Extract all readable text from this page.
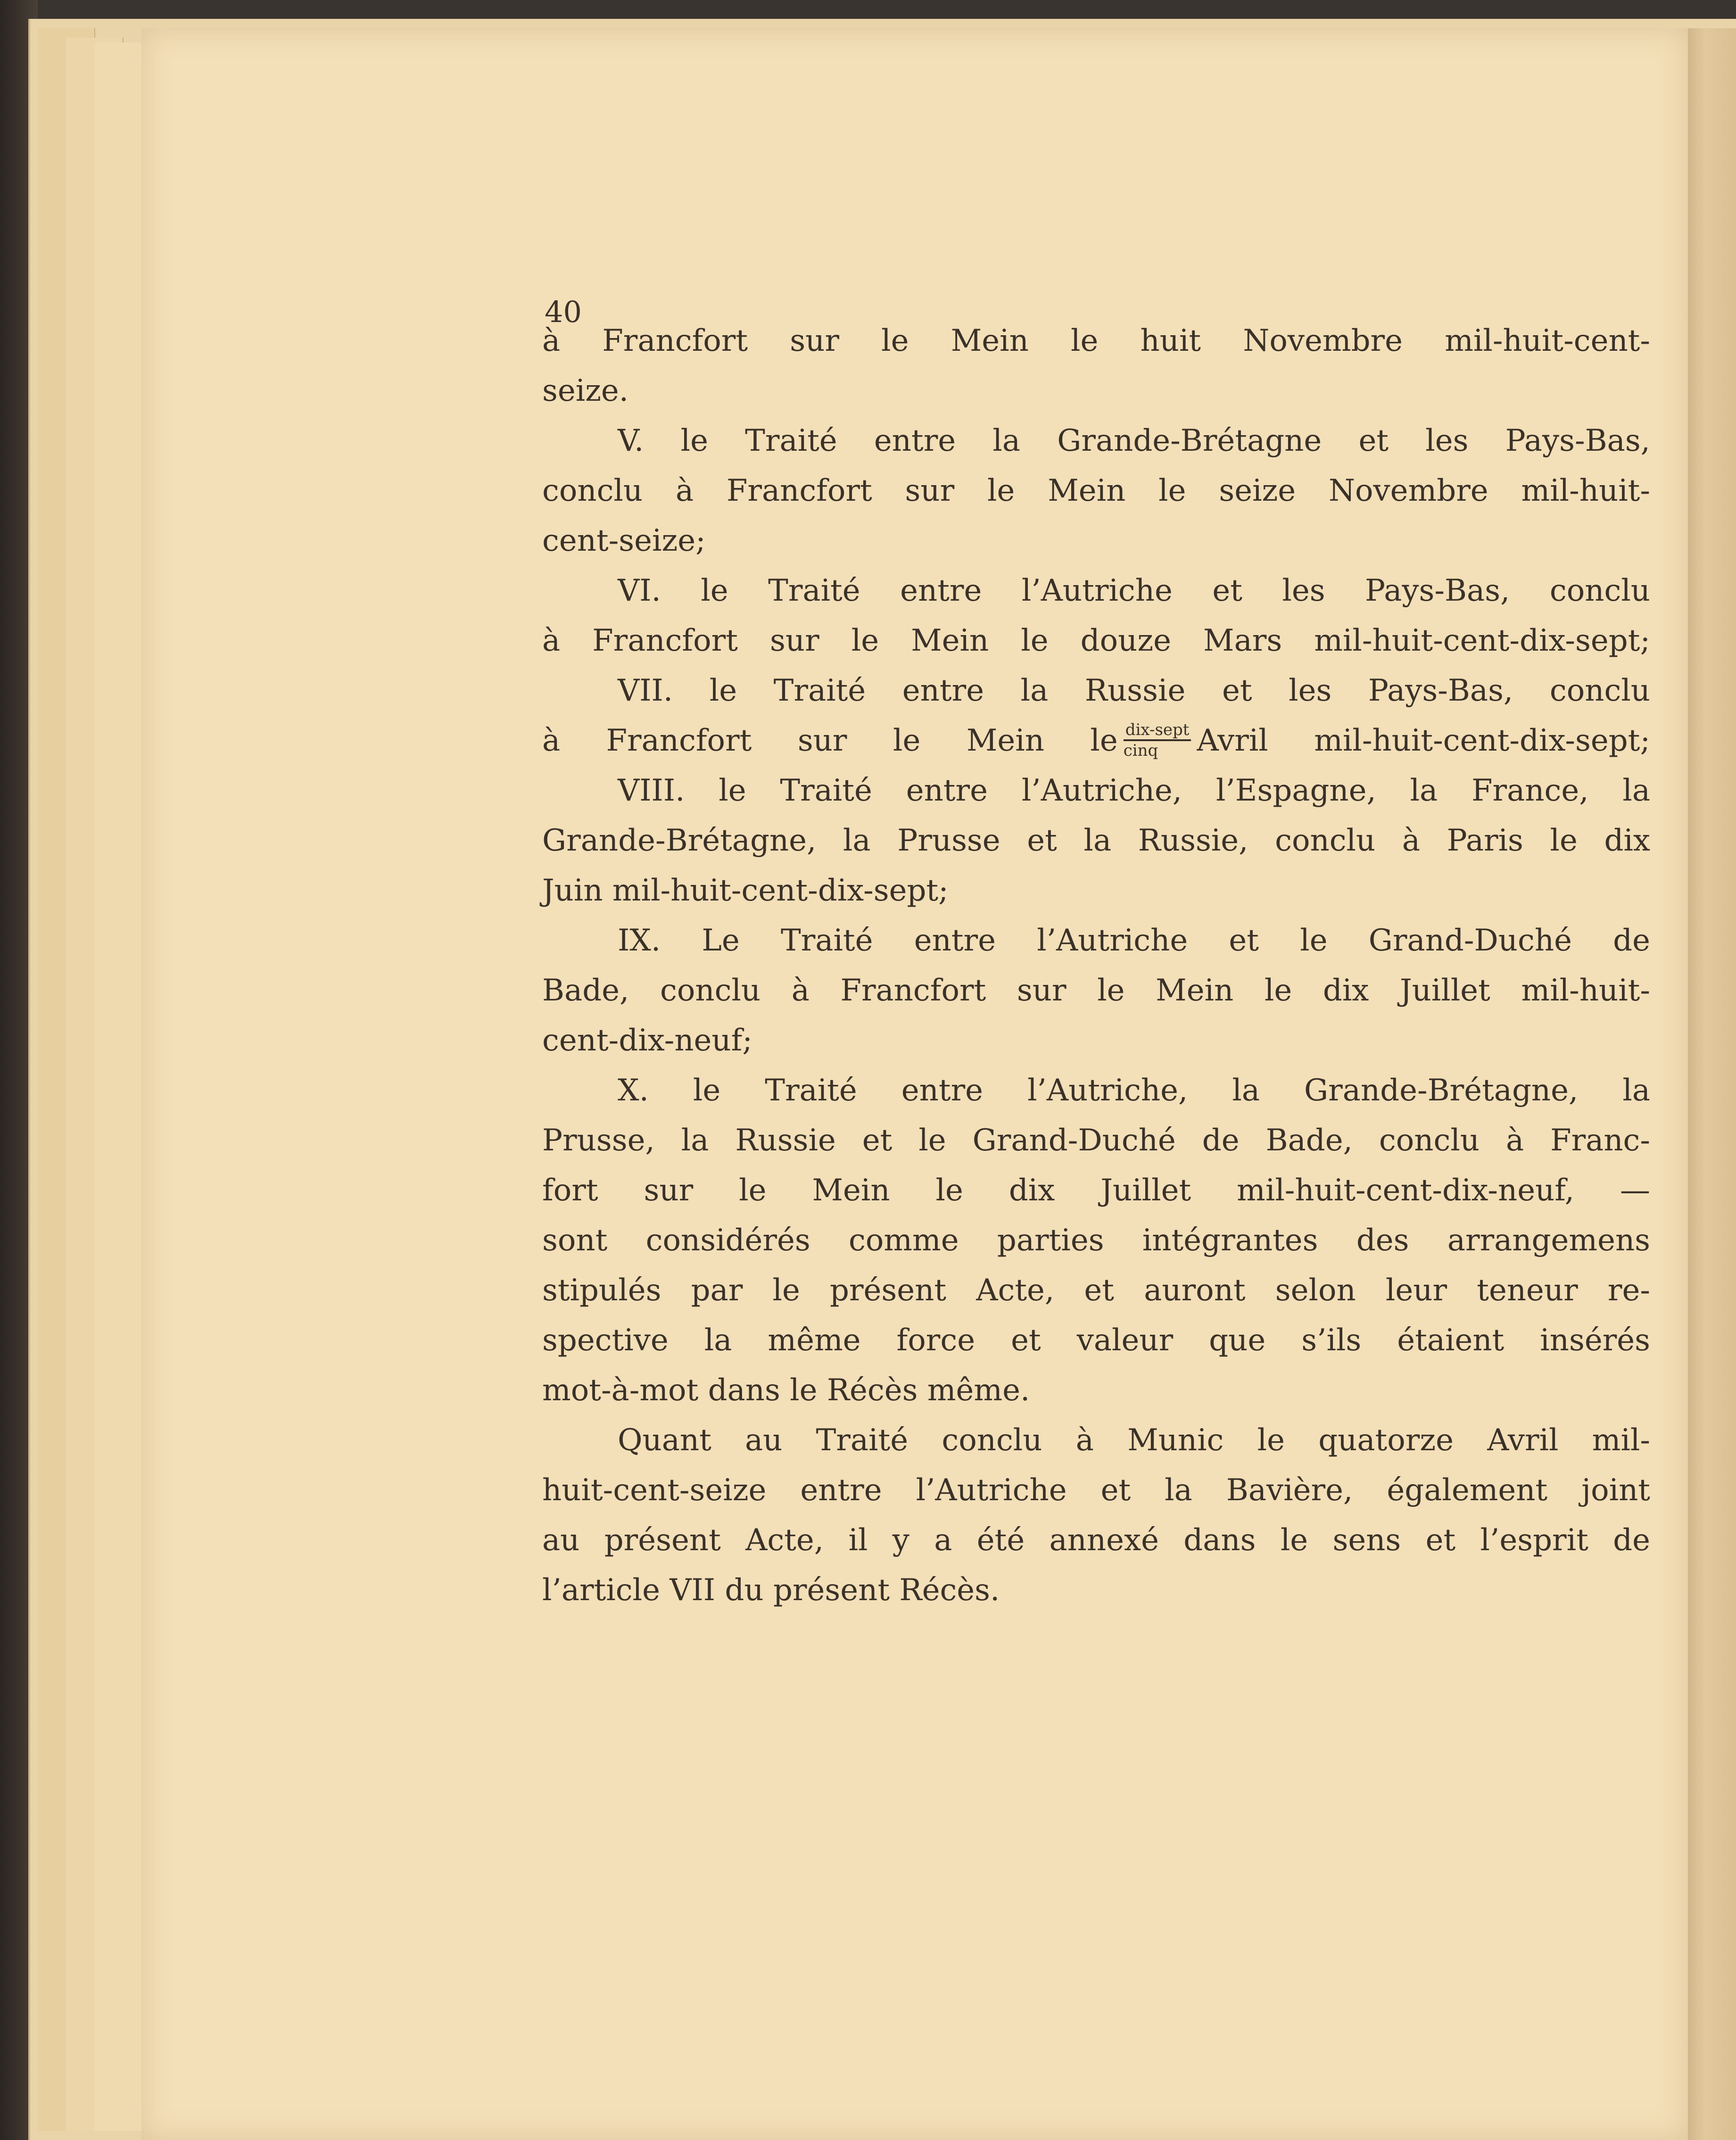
40
à Francfort sur le Mein le huit Novembre mil-huit-cent-
seize.
V. le Traité entre la Grande-Brétagne et les Pays-Bas,
conclu à Francfort sur le Mein le seize Novembre mil-huit-
cent-seize;
VI. le Traité entre l’Autriche et les Pays-Bas, conclu
à Francfort sur le Mein le douze Mars mil-huit-cent-dix-sept;
VII. le Traité entre la Russie et les Pays-Bas, conclu
à Francfort sur le Mein le $\frac{\text{dix-sept}}{\text{cinq}}$ Avril mil-huit-cent-dix-sept;
VIII. le Traité entre l’Autriche, l’Espagne, la France, la
Grande-Brétagne, la Prusse et la Russie, conclu à Paris le dix
Juin mil-huit-cent-dix-sept;
IX. Le Traité entre l’Autriche et le Grand-Duché de
Bade, conclu à Francfort sur le Mein le dix Juillet mil-huit-
cent-dix-neuf;
X. le Traité entre l’Autriche, la Grande-Brétagne, la
Prusse, la Russie et le Grand-Duché de Bade, conclu à Franc-
fort sur le Mein le dix Juillet mil-huit-cent-dix-neuf, —
sont considérés comme parties intégrantes des arrangemens
stipulés par le présent Acte, et auront selon leur teneur re-
spective la même force et valeur que s’ils étaient insérés
mot-à-mot dans le Récès même.
Quant au Traité conclu à Munic le quatorze Avril mil-
huit-cent-seize entre l’Autriche et la Bavière, également joint
au présent Acte, il y a été annexé dans le sens et l’esprit de
l’article VII du présent Récès.
